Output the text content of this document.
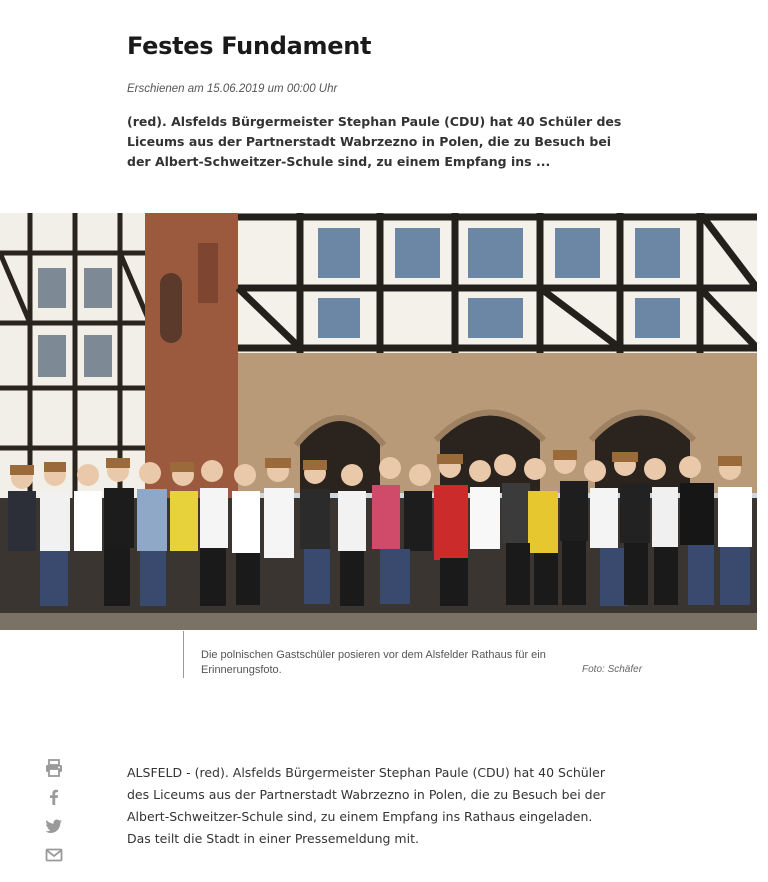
Festes Fundament
Erschienen am 15.06.2019 um 00:00 Uhr

(red). Alsfelds Bürgermeister Stephan Paule (CDU) hat 40 Schüler des Liceums aus der Partnerstadt Wabrzezno in Polen, die zu Besuch bei der Albert-Schweitzer-Schule sind, zu einem Empfang ins ...

Die polnischen Gastschüler posieren vor dem Alsfelder Rathaus für ein Erinnerungsfoto.	Foto: Schäfer

ALSFELD - (red). Alsfelds Bürgermeister Stephan Paule (CDU) hat 40 Schüler des Liceums aus der Partnerstadt Wabrzezno in Polen, die zu Besuch bei der Albert-Schweitzer-Schule sind, zu einem Empfang ins Rathaus eingeladen. Das teilt die Stadt in einer Pressemeldung mit.
